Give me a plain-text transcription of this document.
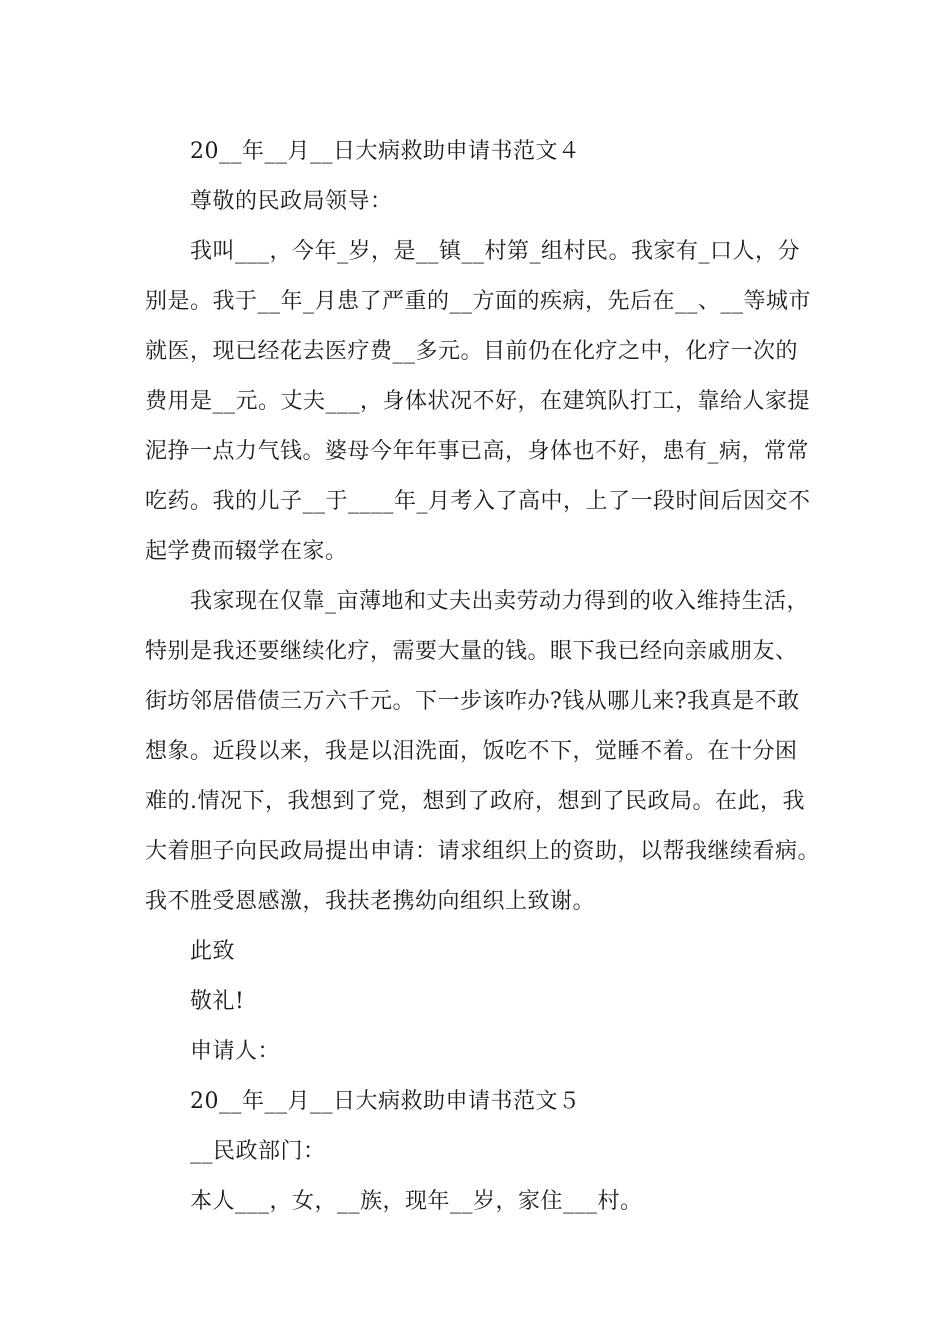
20__年__月__日大病救助申请书范文４
尊敬的民政局领导：
我叫___，今年_岁，是__镇__村第_组村民。我家有_口人，分
别是。我于__年_月患了严重的__方面的疾病，先后在__、__等城市
就医，现已经花去医疗费__多元。目前仍在化疗之中，化疗一次的
费用是__元。丈夫___，身体状况不好，在建筑队打工，靠给人家提
泥挣一点力气钱。婆母今年年事已高，身体也不好，患有_病，常常
吃药。我的儿子__于____年_月考入了高中，上了一段时间后因交不
起学费而辍学在家。
我家现在仅靠_亩薄地和丈夫出卖劳动力得到的收入维持生活，
特别是我还要继续化疗，需要大量的钱。眼下我已经向亲戚朋友、
街坊邻居借债三万六千元。下一步该咋办?钱从哪儿来?我真是不敢
想象。近段以来，我是以泪洗面，饭吃不下，觉睡不着。在十分困
难的.情况下，我想到了党，想到了政府，想到了民政局。在此，我
大着胆子向民政局提出申请：请求组织上的资助，以帮我继续看病。
我不胜受恩感激，我扶老携幼向组织上致谢。
此致
敬礼!
申请人：
20__年__月__日大病救助申请书范文５
__民政部门：
本人___，女，__族，现年__岁，家住___村。
